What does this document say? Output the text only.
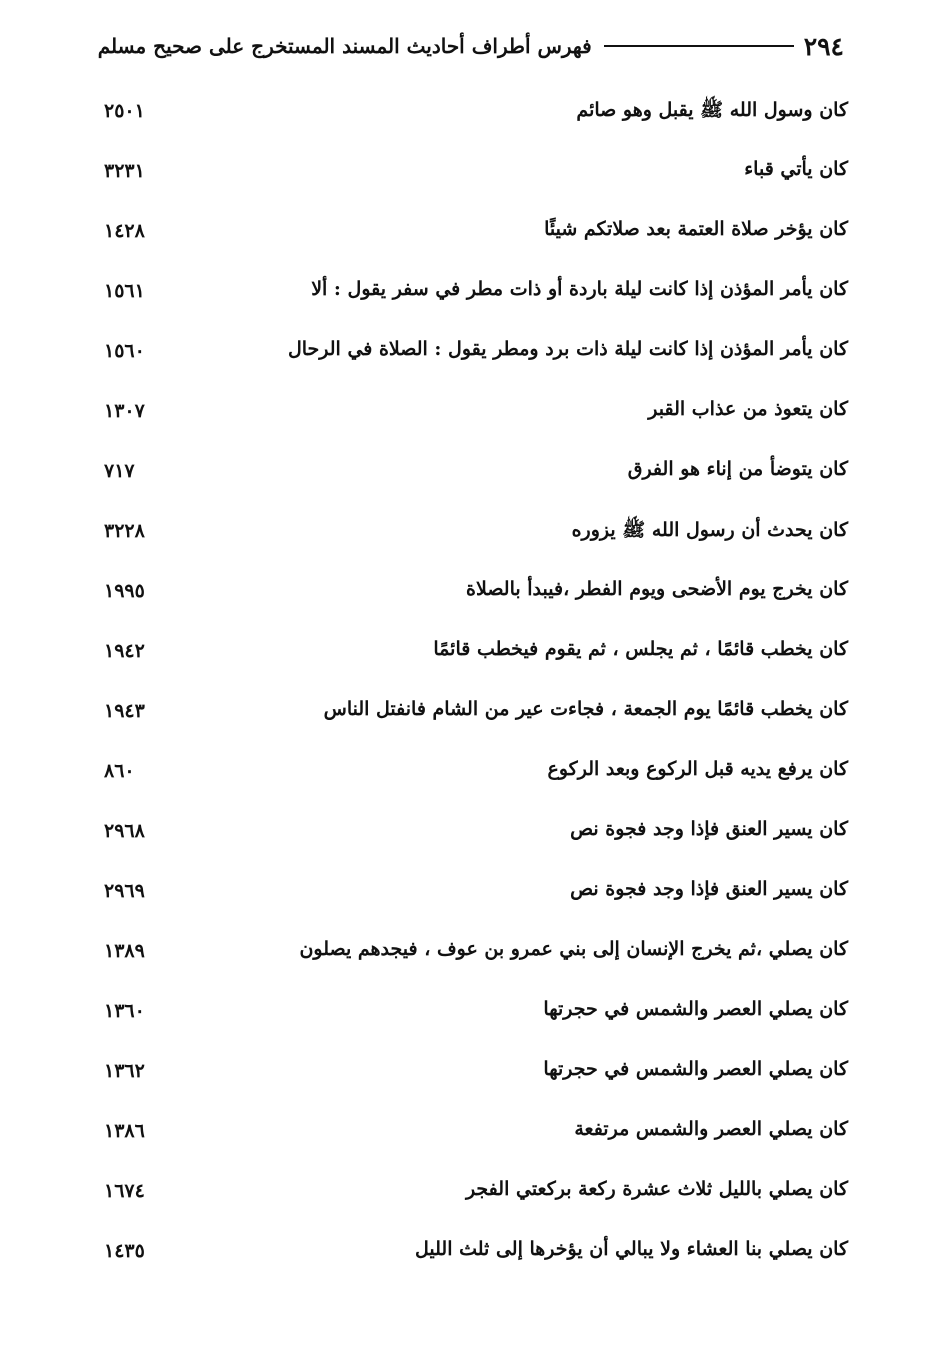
٢٩٤
فهرس أطراف أحاديث المسند المستخرج على صحيح مسلم
كان وسول الله ﷺ يقبل وهو صائم
٢٥٠١
كان يأتي قباء
٣٢٣١
كان يؤخر صلاة العتمة بعد صلاتكم شيئًا
١٤٢٨
كان يأمر المؤذن إذا كانت ليلة باردة أو ذات مطر في سفر يقول : ألا
١٥٦١
كان يأمر المؤذن إذا كانت ليلة ذات برد ومطر يقول : الصلاة في الرحال
١٥٦٠
كان يتعوذ من عذاب القبر
١٣٠٧
كان يتوضأ من إناء هو الفرق
٧١٧
كان يحدث أن رسول الله ﷺ يزوره
٣٢٢٨
كان يخرج يوم الأضحى ويوم الفطر ،فيبدأ بالصلاة
١٩٩٥
كان يخطب قائمًا ، ثم يجلس ، ثم يقوم فيخطب قائمًا
١٩٤٢
كان يخطب قائمًا يوم الجمعة ، فجاءت عير من الشام فانفتل الناس
١٩٤٣
كان يرفع يديه قبل الركوع وبعد الركوع
٨٦٠
كان يسير العنق فإذا وجد فجوة نص
٢٩٦٨
كان يسير العنق فإذا وجد فجوة نص
٢٩٦٩
كان يصلي ،ثم يخرج الإنسان إلى بني عمرو بن عوف ، فيجدهم يصلون
١٣٨٩
كان يصلي العصر والشمس في حجرتها
١٣٦٠
كان يصلي العصر والشمس في حجرتها
١٣٦٢
كان يصلي العصر والشمس مرتفعة
١٣٨٦
كان يصلي بالليل ثلاث عشرة ركعة بركعتي الفجر
١٦٧٤
كان يصلي بنا العشاء ولا يبالي أن يؤخرها إلى ثلث الليل
١٤٣٥
